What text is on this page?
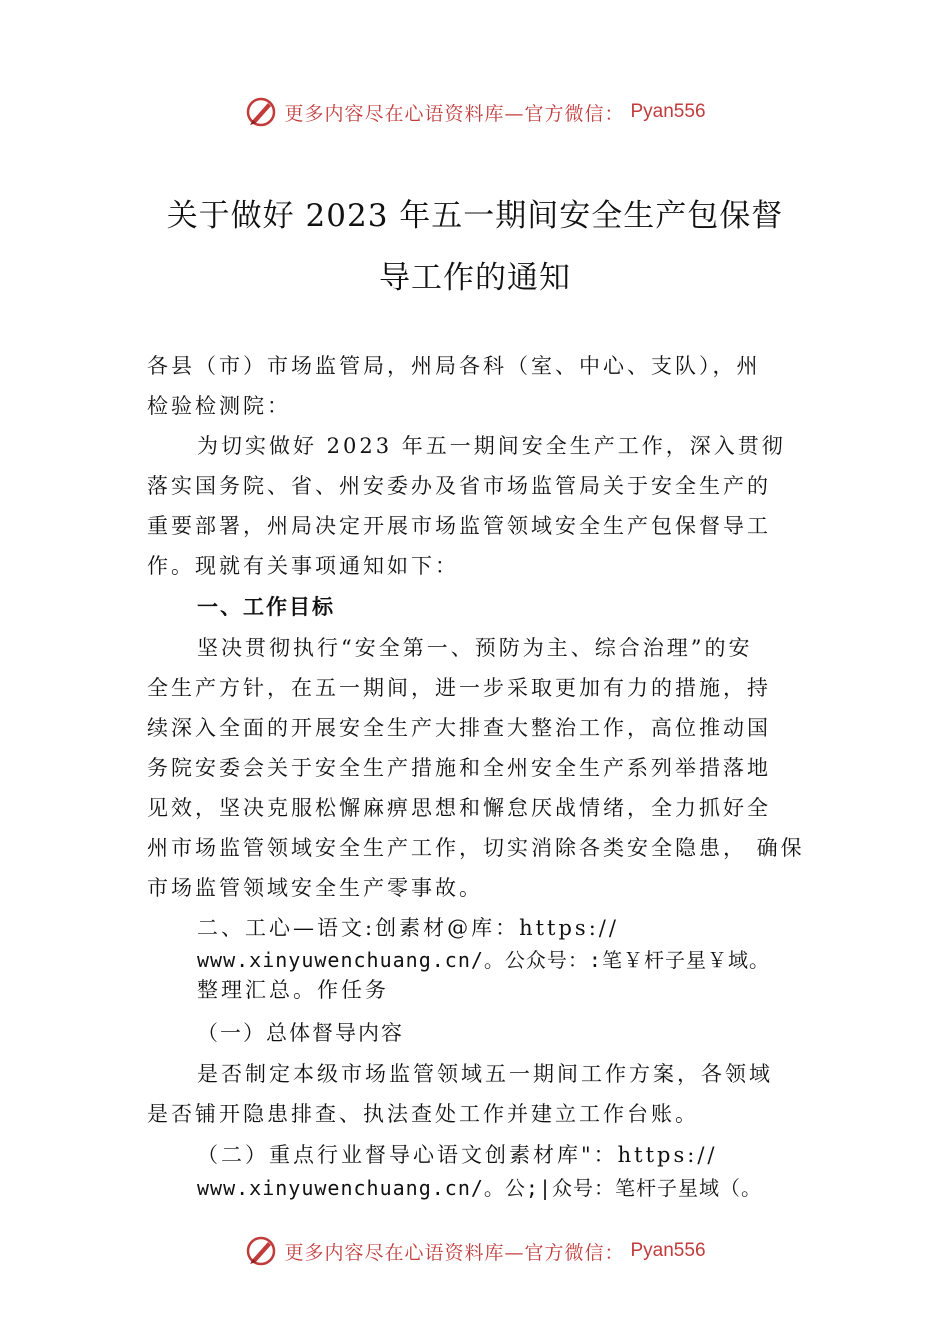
更多内容尽在心语资料库—官方微信： Pyan556
关于做好 2023 年五一期间安全生产包保督
导工作的通知
各县（市）市场监管局，州局各科（室、中心、支队），州
检验检测院：
为切实做好 2023 年五一期间安全生产工作，深入贯彻
落实国务院、省、州安委办及省市场监管局关于安全生产的
重要部署，州局决定开展市场监管领域安全生产包保督导工
作。现就有关事项通知如下：
一、工作目标
坚决贯彻执行“安全第一、预防为主、综合治理”的安
全生产方针，在五一期间，进一步采取更加有力的措施，持
续深入全面的开展安全生产大排查大整治工作，高位推动国
务院安委会关于安全生产措施和全州安全生产系列举措落地
见效，坚决克服松懈麻痹思想和懈怠厌战情绪，全力抓好全
州市场监管领域安全生产工作，切实消除各类安全隐患， 确保
市场监管领域安全生产零事故。
二、工心—语文:创素材@库：https://
www.xinyuwenchuang.cn/。公众号：:笔￥杆子星￥域。
整理汇总。作任务
（一）总体督导内容
是否制定本级市场监管领域五一期间工作方案，各领域
是否铺开隐患排查、执法查处工作并建立工作台账。
（二）重点行业督导心语文创素材库"：https://
www.xinyuwenchuang.cn/。公;|众号：笔杆子星域（。
更多内容尽在心语资料库—官方微信： Pyan556
